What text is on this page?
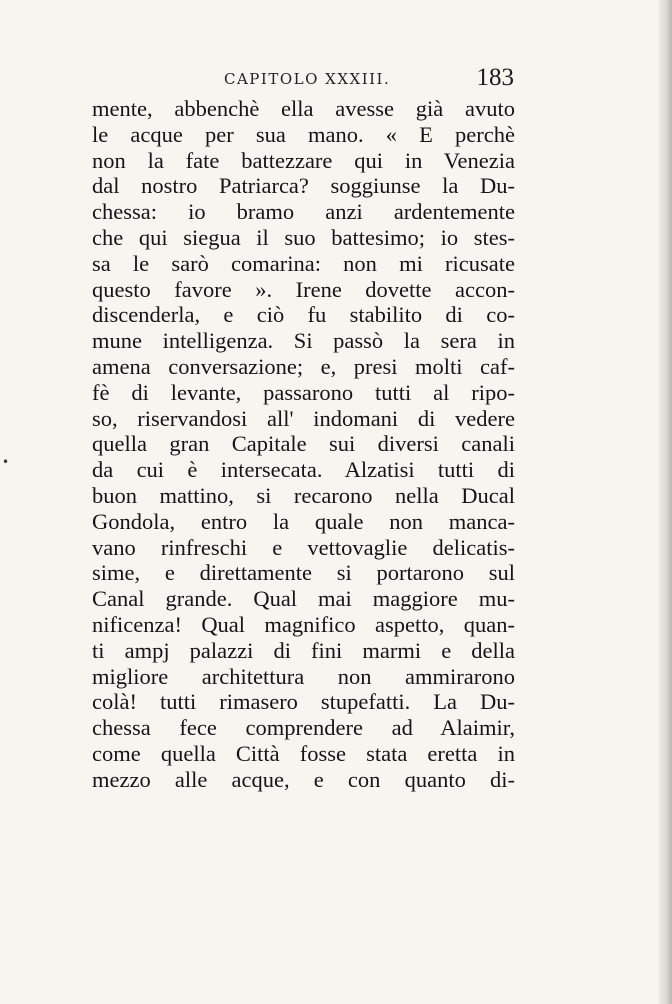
•
CAPITOLO XXXIII.	183
mente, abbenchè ella avesse già avuto
le acque per sua mano. « E perchè
non la fate battezzare qui in Venezia
dal nostro Patriarca? soggiunse la Du-
chessa: io bramo anzi ardentemente
che qui siegua il suo battesimo; io stes-
sa le sarò comarina: non mi ricusate
questo favore ». Irene dovette accon-
discenderla, e ciò fu stabilito di co-
mune intelligenza. Si passò la sera in
amena conversazione; e, presi molti caf-
fè di levante, passarono tutti al ripo-
so, riservandosi all' indomani di vedere
quella gran Capitale sui diversi canali
da cui è intersecata. Alzatisi tutti di
buon mattino, si recarono nella Ducal
Gondola, entro la quale non manca-
vano rinfreschi e vettovaglie delicatis-
sime, e direttamente si portarono sul
Canal grande. Qual mai maggiore mu-
nificenza! Qual magnifico aspetto, quan-
ti ampj palazzi di fini marmi e della
migliore architettura non ammirarono
colà! tutti rimasero stupefatti. La Du-
chessa fece comprendere ad Alaimir,
come quella Città fosse stata eretta in
mezzo alle acque, e con quanto di-
